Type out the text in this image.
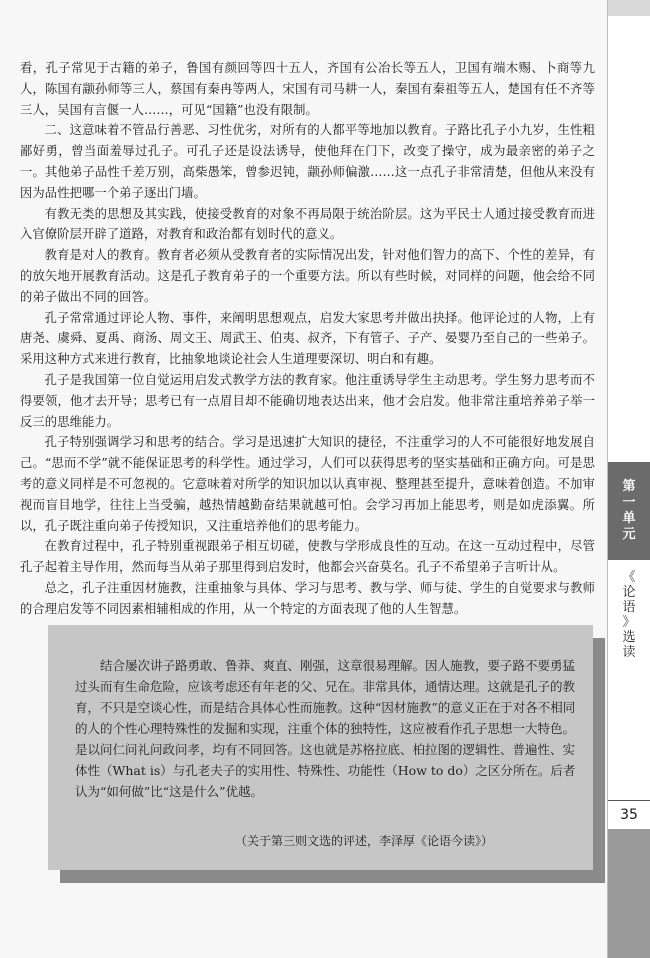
看，孔子常见于古籍的弟子，鲁国有颜回等四十五人，齐国有公冶长等五人，卫国有端木赐、卜商等九人，陈国有颛孙师等三人，蔡国有秦冉等两人，宋国有司马耕一人，秦国有秦祖等五人，楚国有任不齐等三人，吴国有言偃一人……，可见“国籍”也没有限制。

二、这意味着不管品行善恶、习性优劣，对所有的人都平等地加以教育。子路比孔子小九岁，生性粗鄙好勇，曾当面羞辱过孔子。可孔子还是设法诱导，使他拜在门下，改变了操守，成为最亲密的弟子之一。其他弟子品性千差万别，高柴愚笨，曾参迟钝，颛孙师偏激……这一点孔子非常清楚，但他从来没有因为品性把哪一个弟子逐出门墙。

有教无类的思想及其实践，使接受教育的对象不再局限于统治阶层。这为平民士人通过接受教育而进入官僚阶层开辟了道路，对教育和政治都有划时代的意义。

教育是对人的教育。教育者必须从受教育者的实际情况出发，针对他们智力的高下、个性的差异，有的放矢地开展教育活动。这是孔子教育弟子的一个重要方法。所以有些时候，对同样的问题，他会给不同的弟子做出不同的回答。

孔子常常通过评论人物、事件，来阐明思想观点，启发大家思考并做出抉择。他评论过的人物，上有唐尧、虞舜、夏禹、商汤、周文王、周武王、伯夷、叔齐，下有管子、子产、晏婴乃至自己的一些弟子。采用这种方式来进行教育，比抽象地谈论社会人生道理要深切、明白和有趣。

孔子是我国第一位自觉运用启发式教学方法的教育家。他注重诱导学生主动思考。学生努力思考而不得要领，他才去开导；思考已有一点眉目却不能确切地表达出来，他才会启发。他非常注重培养弟子举一反三的思维能力。

孔子特别强调学习和思考的结合。学习是迅速扩大知识的捷径，不注重学习的人不可能很好地发展自己。“思而不学”就不能保证思考的科学性。通过学习，人们可以获得思考的坚实基础和正确方向。可是思考的意义同样是不可忽视的。它意味着对所学的知识加以认真审视、整理甚至提升，意味着创造。不加审视而盲目地学，往往上当受骗，越热情越勤奋结果就越可怕。会学习再加上能思考，则是如虎添翼。所以，孔子既注重向弟子传授知识，又注重培养他们的思考能力。

在教育过程中，孔子特别重视跟弟子相互切磋，使教与学形成良性的互动。在这一互动过程中，尽管孔子起着主导作用，然而每当从弟子那里得到启发时，他都会兴奋莫名。孔子不希望弟子言听计从。

总之，孔子注重因材施教，注重抽象与具体、学习与思考、教与学、师与徒、学生的自觉要求与教师的合理启发等不同因素相辅相成的作用，从一个特定的方面表现了他的人生智慧。

第
一
单
元
《
论
语
》
选
读
35

结合屡次讲子路勇敢、鲁莽、爽直、刚强，这章很易理解。因人施教，要子路不要勇猛过头而有生命危险，应该考虑还有年老的父、兄在。非常具体，通情达理。这就是孔子的教育，不只是空谈心性，而是结合具体心性而施教。这种“因材施教”的意义正在于对各不相同的人的个性心理特殊性的发掘和实现，注重个体的独特性，这应被看作孔子思想一大特色。是以问仁问礼问政问孝，均有不同回答。这也就是苏格拉底、柏拉图的逻辑性、普遍性、实体性（What is）与孔老夫子的实用性、特殊性、功能性（How to do）之区分所在。后者认为“如何做”比“这是什么”优越。

（关于第三则文选的评述，李泽厚《论语今读》）
